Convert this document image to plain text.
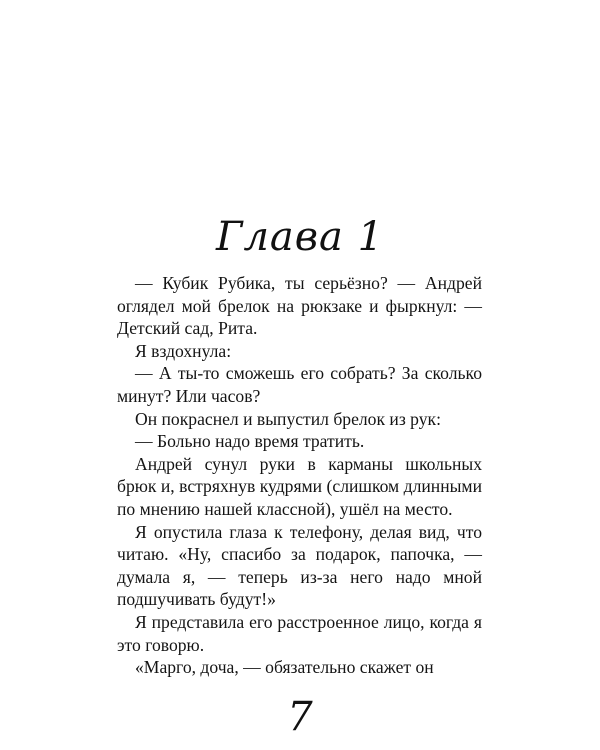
Глава 1

— Кубик Рубика, ты серьёзно? — Андрей оглядел мой брелок на рюкзаке и фыркнул: — Детский сад, Рита.

Я вздохнула:

— А ты-то сможешь его собрать? За сколько минут? Или часов?

Он покраснел и выпустил брелок из рук:

— Больно надо время тратить.

Андрей сунул руки в карманы школьных брюк и, встряхнув кудрями (слишком длинными по мнению нашей классной), ушёл на место.

Я опустила глаза к телефону, делая вид, что читаю. «Ну, спасибо за подарок, папочка, — думала я, — теперь из-за него надо мной подшучивать будут!»

Я представила его расстроенное лицо, когда я это говорю.

«Марго, доча, — обязательно скажет он

7
